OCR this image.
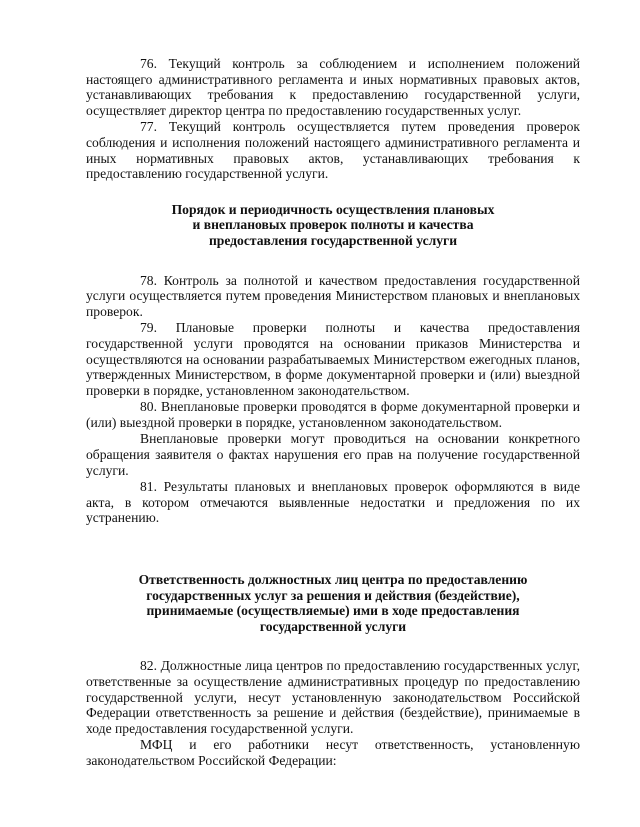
76. Текущий контроль за соблюдением и исполнением положений настоящего административного регламента и иных нормативных правовых актов, устанавливающих требования к предоставлению государственной услуги, осуществляет директор центра по предоставлению государственных услуг.

77. Текущий контроль осуществляется путем проведения проверок соблюдения и исполнения положений настоящего административного регламента и иных нормативных правовых актов, устанавливающих требования к предоставлению государственной услуги.

Порядок и периодичность осуществления плановых
и внеплановых проверок полноты и качества
предоставления государственной услуги

78. Контроль за полнотой и качеством предоставления государственной услуги осуществляется путем проведения Министерством плановых и внеплановых проверок.

79. Плановые проверки полноты и качества предоставления государственной услуги проводятся на основании приказов Министерства и осуществляются на основании разрабатываемых Министерством ежегодных планов, утвержденных Министерством, в форме документарной проверки и (или) выездной проверки в порядке, установленном законодательством.

80. Внеплановые проверки проводятся в форме документарной проверки и (или) выездной проверки в порядке, установленном законодательством.

Внеплановые проверки могут проводиться на основании конкретного обращения заявителя о фактах нарушения его прав на получение государственной услуги.

81. Результаты плановых и внеплановых проверок оформляются в виде акта, в котором отмечаются выявленные недостатки и предложения по их устранению.

Ответственность должностных лиц центра по предоставлению
государственных услуг за решения и действия (бездействие),
принимаемые (осуществляемые) ими в ходе предоставления
государственной услуги

82. Должностные лица центров по предоставлению государственных услуг, ответственные за осуществление административных процедур по предоставлению государственной услуги, несут установленную законодательством Российской Федерации ответственность за решение и действия (бездействие), принимаемые в ходе предоставления государственной услуги.

МФЦ и его работники несут ответственность, установленную законодательством Российской Федерации:
